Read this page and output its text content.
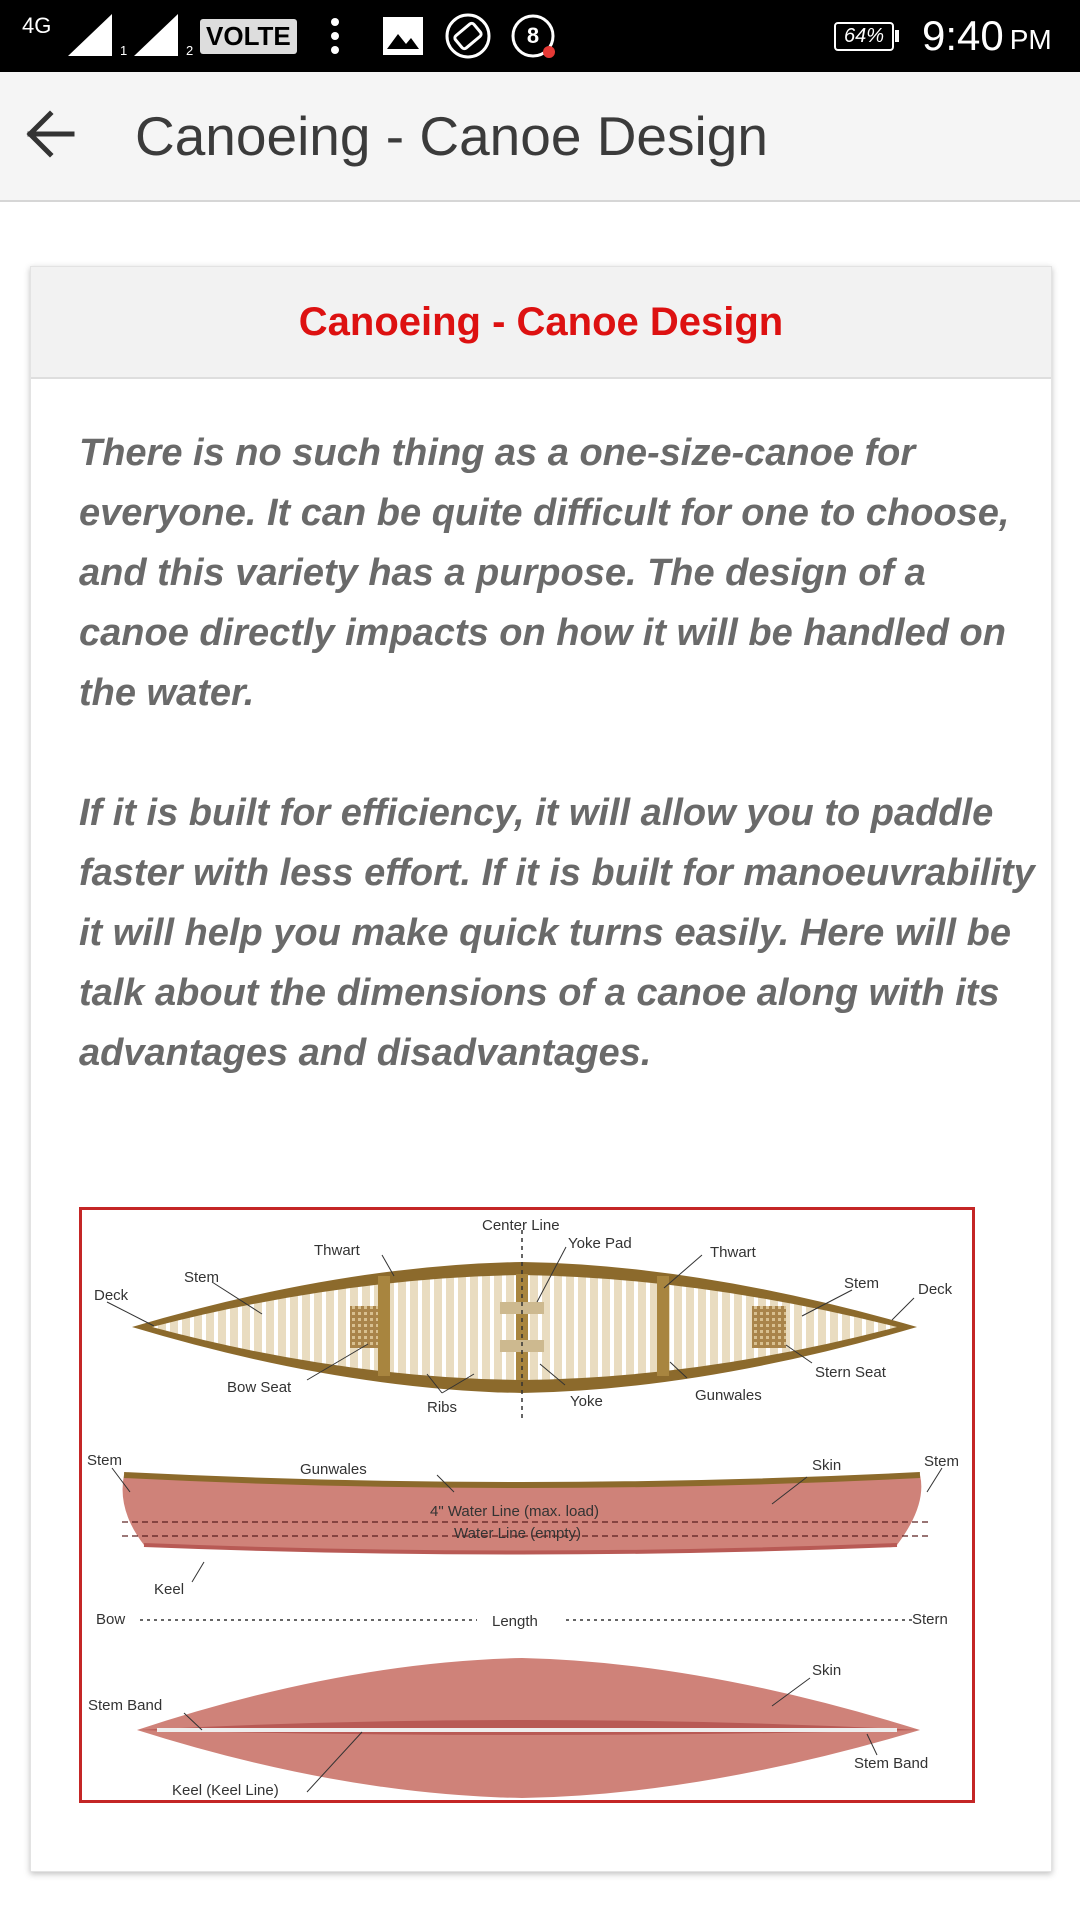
4G
1	2 VOLTE	8	64% 9:40 PM
Canoeing - Canoe Design
Canoeing - Canoe Design

There is no such thing as a one-size-canoe for everyone. It can be quite difficult for one to choose, and this variety has a purpose. The design of a canoe directly impacts on how it will be handled on the water.

If it is built for efficiency, it will allow you to paddle faster with less effort. If it is built for manoeuvrability it will help you make quick turns easily. Here will be talk about the dimensions of a canoe along with its advantages and disadvantages.

Center Line
Thwart	Yoke Pad
Thwart
Deck
Stem	Stem	Deck
Bow Seat
Ribs	Yoke	Gunwales
Stern Seat
Stem
Gunwales	Skin	Stem
4" Water Line (max. load)
Water Line (empty)
Keel
Bow	Length	Stern
Skin
Stem Band
Stem Band
Keel (Keel Line)
